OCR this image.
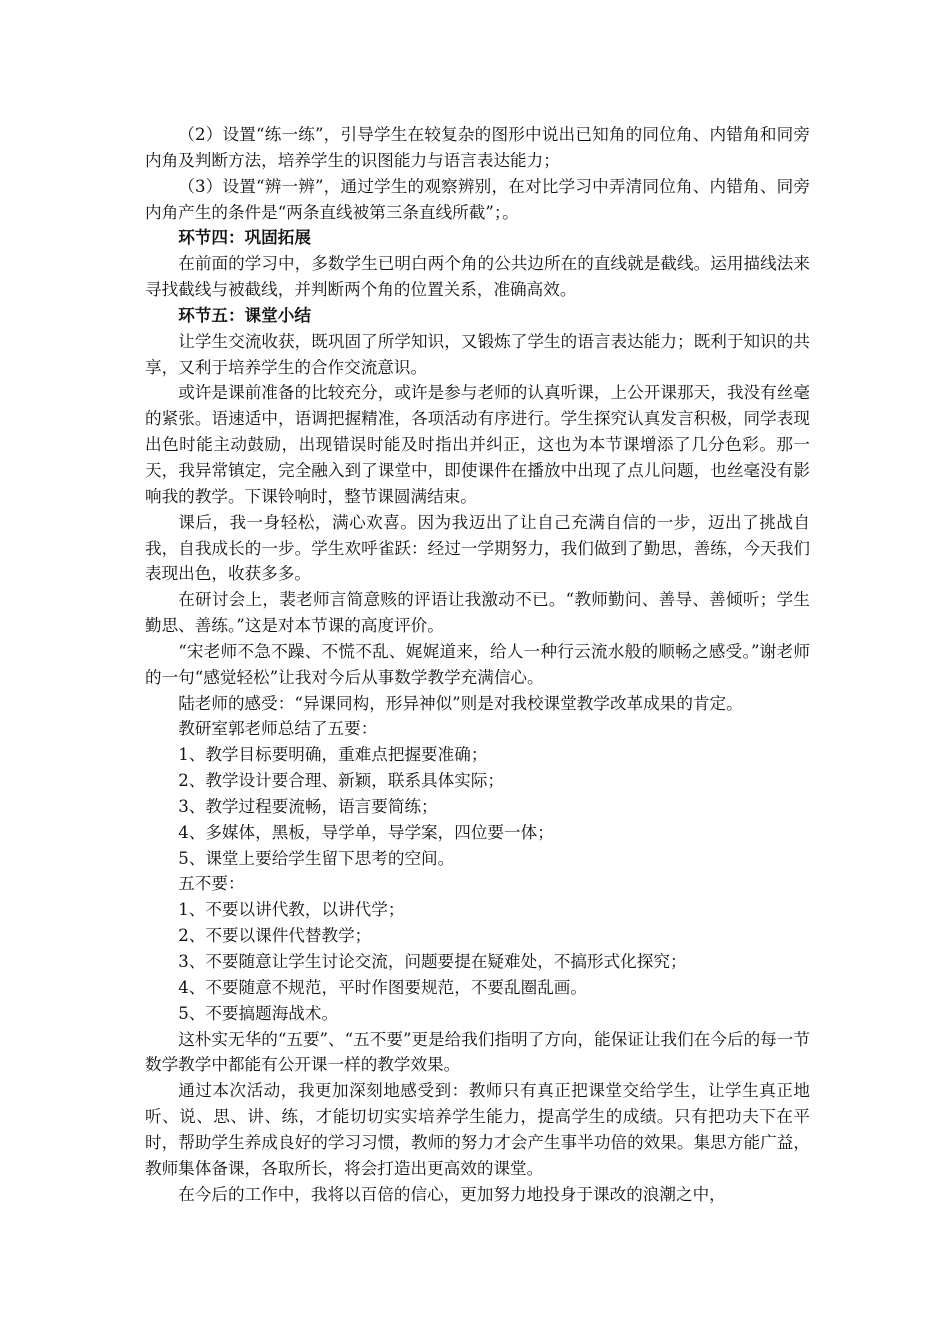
（2）设置“练一练”，引导学生在较复杂的图形中说出已知角的同位角、内错角和同旁内角及判断方法，培养学生的识图能力与语言表达能力；

（3）设置“辨一辨”，通过学生的观察辨别，在对比学习中弄清同位角、内错角、同旁内角产生的条件是“两条直线被第三条直线所截”；。

环节四：巩固拓展

在前面的学习中，多数学生已明白两个角的公共边所在的直线就是截线。运用描线法来寻找截线与被截线，并判断两个角的位置关系，准确高效。

环节五：课堂小结

让学生交流收获，既巩固了所学知识，又锻炼了学生的语言表达能力；既利于知识的共享，又利于培养学生的合作交流意识。

或许是课前准备的比较充分，或许是参与老师的认真听课，上公开课那天，我没有丝毫的紧张。语速适中，语调把握精准，各项活动有序进行。学生探究认真发言积极，同学表现出色时能主动鼓励，出现错误时能及时指出并纠正，这也为本节课增添了几分色彩。那一天，我异常镇定，完全融入到了课堂中，即使课件在播放中出现了点儿问题，也丝毫没有影响我的教学。下课铃响时，整节课圆满结束。

课后，我一身轻松，满心欢喜。因为我迈出了让自己充满自信的一步，迈出了挑战自我，自我成长的一步。学生欢呼雀跃：经过一学期努力，我们做到了勤思，善练，今天我们表现出色，收获多多。

在研讨会上，裴老师言简意赅的评语让我激动不已。“教师勤问、善导、善倾听；学生勤思、善练。”这是对本节课的高度评价。

“宋老师不急不躁、不慌不乱、娓娓道来，给人一种行云流水般的顺畅之感受。”谢老师的一句“感觉轻松”让我对今后从事数学教学充满信心。

陆老师的感受：“异课同构，形异神似”则是对我校课堂教学改革成果的肯定。

教研室郭老师总结了五要：

1、教学目标要明确，重难点把握要准确；

2、教学设计要合理、新颖，联系具体实际；

3、教学过程要流畅，语言要简练；

4、多媒体，黑板，导学单，导学案，四位要一体；

5、课堂上要给学生留下思考的空间。

五不要：

1、不要以讲代教，以讲代学；

2、不要以课件代替教学；

3、不要随意让学生讨论交流，问题要提在疑难处，不搞形式化探究；

4、不要随意不规范，平时作图要规范，不要乱圈乱画。

5、不要搞题海战术。

这朴实无华的“五要”、“五不要”更是给我们指明了方向，能保证让我们在今后的每一节数学教学中都能有公开课一样的教学效果。

通过本次活动，我更加深刻地感受到：教师只有真正把课堂交给学生，让学生真正地听、说、思、讲、练，才能切切实实培养学生能力，提高学生的成绩。只有把功夫下在平时，帮助学生养成良好的学习习惯，教师的努力才会产生事半功倍的效果。集思方能广益，教师集体备课，各取所长，将会打造出更高效的课堂。

在今后的工作中，我将以百倍的信心，更加努力地投身于课改的浪潮之中，
